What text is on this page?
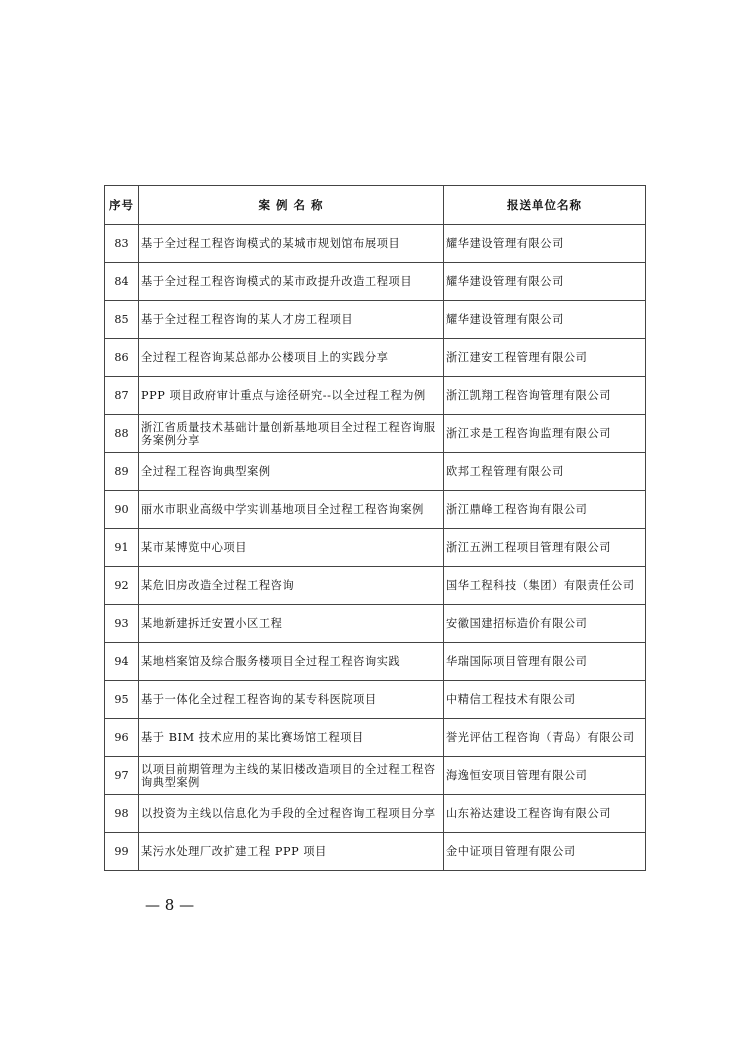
序号	案 例 名 称	报送单位名称
83	基于全过程工程咨询模式的某城市规划馆布展项目	耀华建设管理有限公司
84	基于全过程工程咨询模式的某市政提升改造工程项目	耀华建设管理有限公司
85	基于全过程工程咨询的某人才房工程项目	耀华建设管理有限公司
86	全过程工程咨询某总部办公楼项目上的实践分享	浙江建安工程管理有限公司
87	PPP 项目政府审计重点与途径研究--以全过程工程为例	浙江凯翔工程咨询管理有限公司
88	浙江省质量技术基础计量创新基地项目全过程工程咨询服务案例分享	浙江求是工程咨询监理有限公司
89	全过程工程咨询典型案例	欧邦工程管理有限公司
90	丽水市职业高级中学实训基地项目全过程工程咨询案例	浙江鼎峰工程咨询有限公司
91	某市某博览中心项目	浙江五洲工程项目管理有限公司
92	某危旧房改造全过程工程咨询	国华工程科技（集团）有限责任公司
93	某地新建拆迁安置小区工程	安徽国建招标造价有限公司
94	某地档案馆及综合服务楼项目全过程工程咨询实践	华瑞国际项目管理有限公司
95	基于一体化全过程工程咨询的某专科医院项目	中精信工程技术有限公司
96	基于 BIM 技术应用的某比赛场馆工程项目	誉光评估工程咨询（青岛）有限公司
97	以项目前期管理为主线的某旧楼改造项目的全过程工程咨询典型案例	海逸恒安项目管理有限公司
98	以投资为主线以信息化为手段的全过程咨询工程项目分享	山东裕达建设工程咨询有限公司
99	某污水处理厂改扩建工程 PPP 项目	金中证项目管理有限公司
— 8 —
